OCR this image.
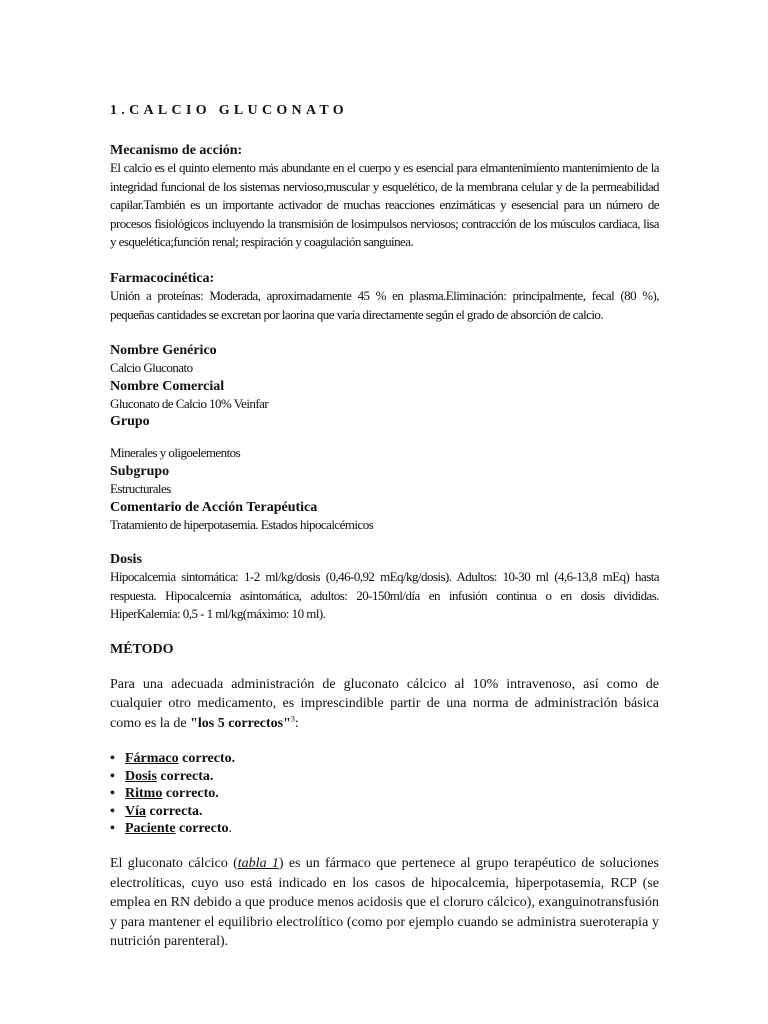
1.CALCIO GLUCONATO

Mecanismo de acción:

El calcio es el quinto elemento más abundante en el cuerpo y es esencial para elmantenimiento mantenimiento de la integridad funcional de los sistemas nervioso,muscular y esquelético, de la membrana celular y de la permeabilidad capilar.También es un importante activador de muchas reacciones enzimáticas y esesencial para un número de procesos fisiológicos incluyendo la transmisión de losimpulsos nerviosos; contracción de los músculos cardiaca, lisa y esquelética;función renal; respiración y coagulación sanguínea.

Farmacocinética:

Unión a proteínas: Moderada, aproximadamente 45 % en plasma.Eliminación: principalmente, fecal (80 %), pequeñas cantidades se excretan por laorina que varía directamente según el grado de absorción de calcio.

Nombre Genérico

Calcio Gluconato

Nombre Comercial

Gluconato de Calcio 10% Veinfar

Grupo

Minerales y oligoelementos

Subgrupo

Estructurales

Comentario de Acción Terapéutica

Tratamiento de hiperpotasemia. Estados hipocalcémicos

Dosis

Hipocalcemia sintomática: 1-2 ml/kg/dosis (0,46-0,92 mEq/kg/dosis). Adultos: 10-30 ml (4,6-13,8 mEq) hasta respuesta. Hipocalcemia asintomática, adultos: 20-150ml/día en infusión continua o en dosis divididas. HiperKalemia: 0,5 - 1 ml/kg(máximo: 10 ml).

MÉTODO

Para una adecuada administración de gluconato cálcico al 10% intravenoso, así como de cualquier otro medicamento, es imprescindible partir de una norma de administración básica como es la de "los 5 correctos"$^3$:

• Fármaco correcto.
• Dosis correcta.
• Ritmo correcto.
• Vía correcta.
• Paciente correcto.

El gluconato cálcico (tabla 1) es un fármaco que pertenece al grupo terapéutico de soluciones electrolíticas, cuyo uso está indicado en los casos de hipocalcemia, hiperpotasemia, RCP (se emplea en RN debido a que produce menos acidosis que el cloruro cálcico), exanguinotransfusión y para mantener el equilibrio electrolítico (como por ejemplo cuando se administra sueroterapia y nutrición parenteral).
